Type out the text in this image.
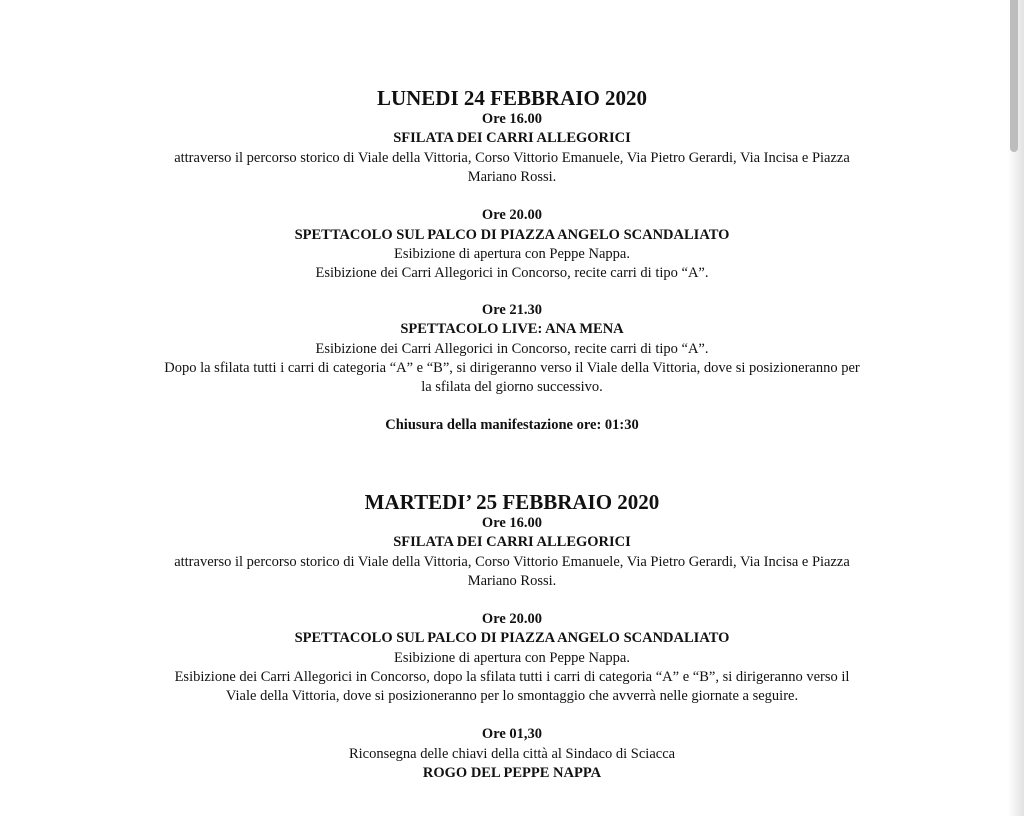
LUNEDI 24 FEBBRAIO 2020
Ore 16.00
SFILATA DEI CARRI ALLEGORICI
attraverso il percorso storico di Viale della Vittoria, Corso Vittorio Emanuele, Via Pietro Gerardi, Via Incisa e Piazza
Mariano Rossi.
Ore 20.00
SPETTACOLO SUL PALCO DI PIAZZA ANGELO SCANDALIATO
Esibizione di apertura con Peppe Nappa.
Esibizione dei Carri Allegorici in Concorso, recite carri di tipo “A”.
Ore 21.30
SPETTACOLO LIVE: ANA MENA
Esibizione dei Carri Allegorici in Concorso, recite carri di tipo “A”.
Dopo la sfilata tutti i carri di categoria “A” e “B”, si dirigeranno verso il Viale della Vittoria, dove si posizioneranno per
la sfilata del giorno successivo.
Chiusura della manifestazione ore: 01:30
MARTEDI’ 25 FEBBRAIO 2020
Ore 16.00
SFILATA DEI CARRI ALLEGORICI
attraverso il percorso storico di Viale della Vittoria, Corso Vittorio Emanuele, Via Pietro Gerardi, Via Incisa e Piazza
Mariano Rossi.
Ore 20.00
SPETTACOLO SUL PALCO DI PIAZZA ANGELO SCANDALIATO
Esibizione di apertura con Peppe Nappa.
Esibizione dei Carri Allegorici in Concorso, dopo la sfilata tutti i carri di categoria “A” e “B”, si dirigeranno verso il
Viale della Vittoria, dove si posizioneranno per lo smontaggio che avverrà nelle giornate a seguire.
Ore 01,30
Riconsegna delle chiavi della città al Sindaco di Sciacca
ROGO DEL PEPPE NAPPA
